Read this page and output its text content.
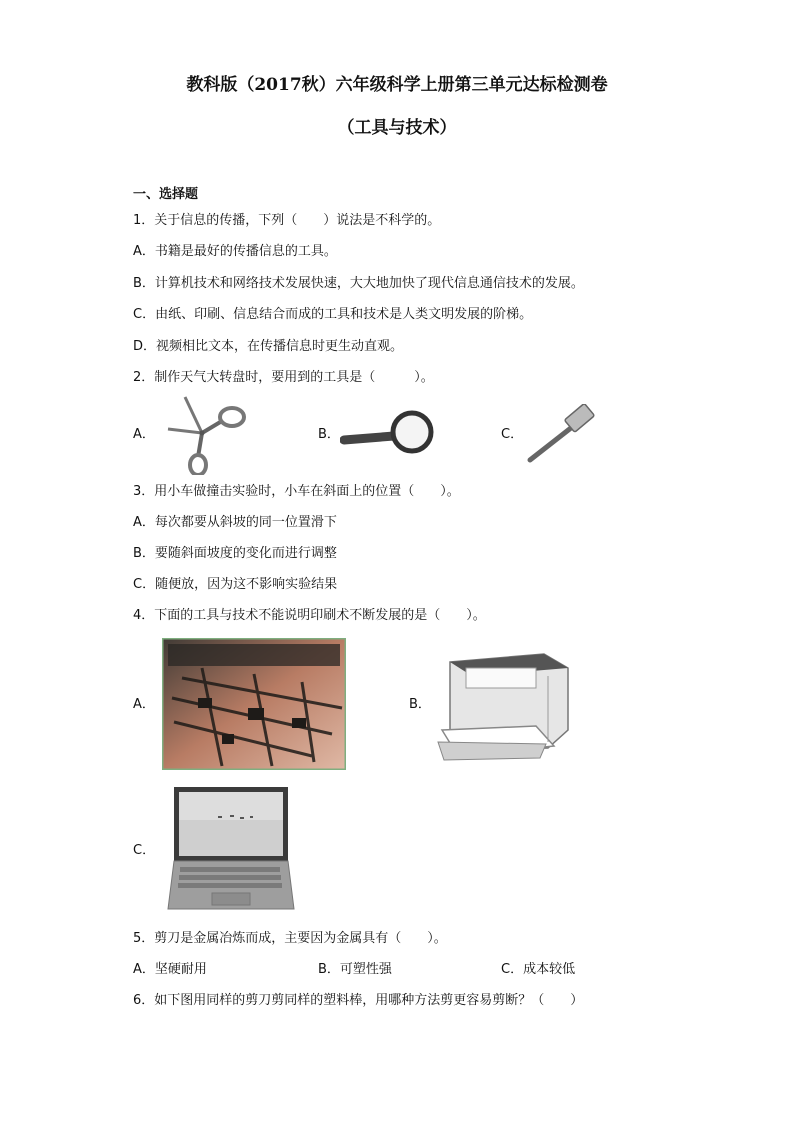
教科版（2017秋）六年级科学上册第三单元达标检测卷
（工具与技术）
一、选择题
1．关于信息的传播，下列（　　）说法是不科学的。
A．书籍是最好的传播信息的工具。
B．计算机技术和网络技术发展快速，大大地加快了现代信息通信技术的发展。
C．由纸、印刷、信息结合而成的工具和技术是人类文明发展的阶梯。
D．视频相比文本，在传播信息时更生动直观。
2．制作天气大转盘时，要用到的工具是（　　　）。
A．	B．	C．
3．用小车做撞击实验时，小车在斜面上的位置（　　）。
A．每次都要从斜坡的同一位置滑下
B．要随斜面坡度的变化而进行调整
C．随便放，因为这不影响实验结果
4．下面的工具与技术不能说明印刷术不断发展的是（　　）。
A．	B．
C．
5．剪刀是金属冶炼而成，主要因为金属具有（　　）。
A．坚硬耐用	B．可塑性强	C．成本较低
6．如下图用同样的剪刀剪同样的塑料棒，用哪种方法剪更容易剪断？（　　）
